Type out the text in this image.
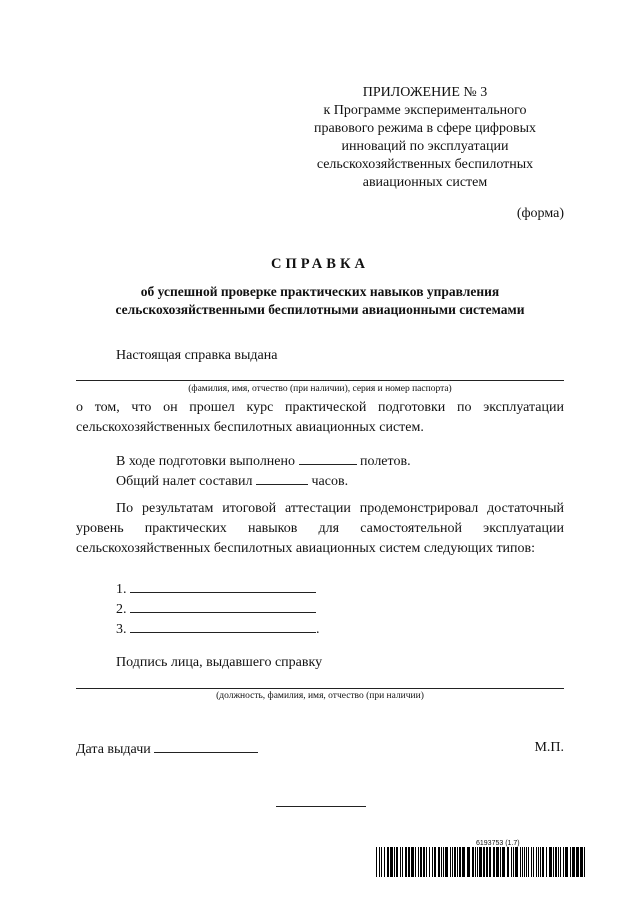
ПРИЛОЖЕНИЕ № 3
к Программе экспериментального
правового режима в сфере цифровых
инноваций по эксплуатации
сельскохозяйственных беспилотных
авиационных систем
(форма)
СПРАВКА
об успешной проверке практических навыков управления
сельскохозяйственными беспилотными авиационными системами
Настоящая справка выдана
(фамилия, имя, отчество (при наличии), серия и номер паспорта)
о том, что он прошел курс практической подготовки по эксплуатации сельскохозяйственных беспилотных авиационных систем.
В ходе подготовки выполнено	полетов.
Общий налет составил	часов.
По результатам итоговой аттестации продемонстрировал достаточный уровень практических навыков для самостоятельной эксплуатации сельскохозяйственных беспилотных авиационных систем следующих типов:
1.
2.
3.	.
Подпись лица, выдавшего справку
(должность, фамилия, имя, отчество (при наличии)
Дата выдачи	М.П.
6193753 (1.7)
